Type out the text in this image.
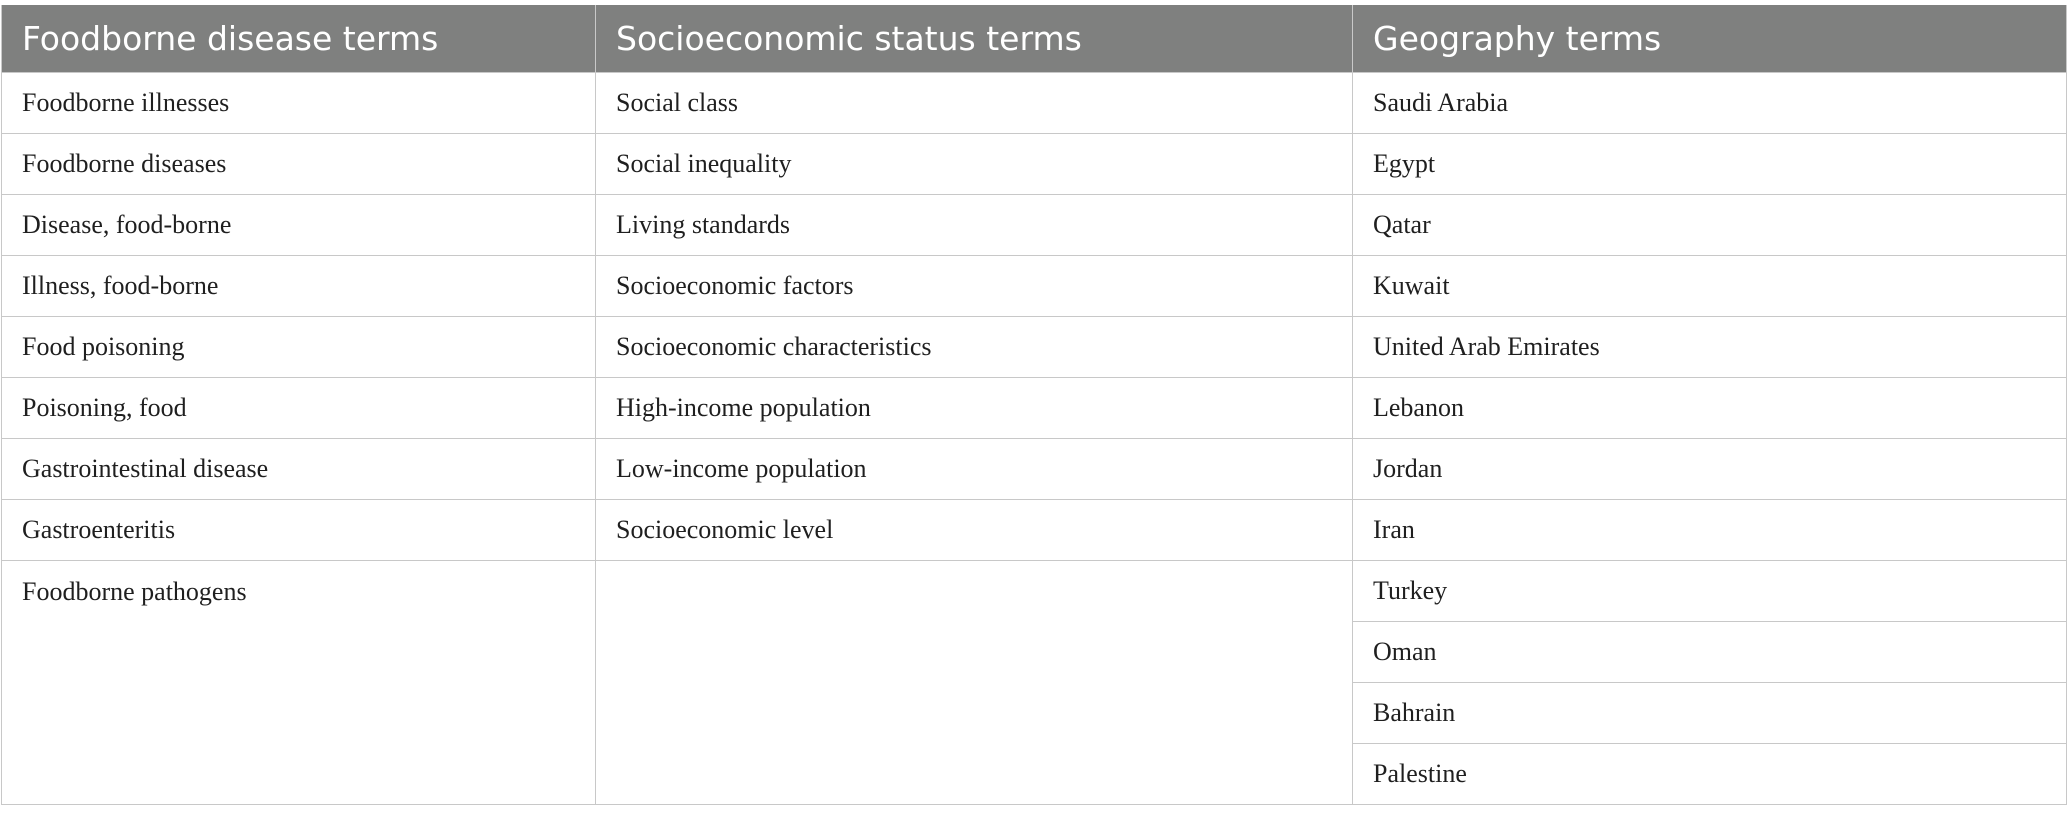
Foodborne disease terms	Socioeconomic status terms	Geography terms
Foodborne illnesses	Social class	Saudi Arabia
Foodborne diseases	Social inequality	Egypt
Disease, food-borne	Living standards	Qatar
Illness, food-borne	Socioeconomic factors	Kuwait
Food poisoning	Socioeconomic characteristics	United Arab Emirates
Poisoning, food	High-income population	Lebanon
Gastrointestinal disease	Low-income population	Jordan
Gastroenteritis	Socioeconomic level	Iran
Foodborne pathogens		Turkey
		Oman
		Bahrain
		Palestine
